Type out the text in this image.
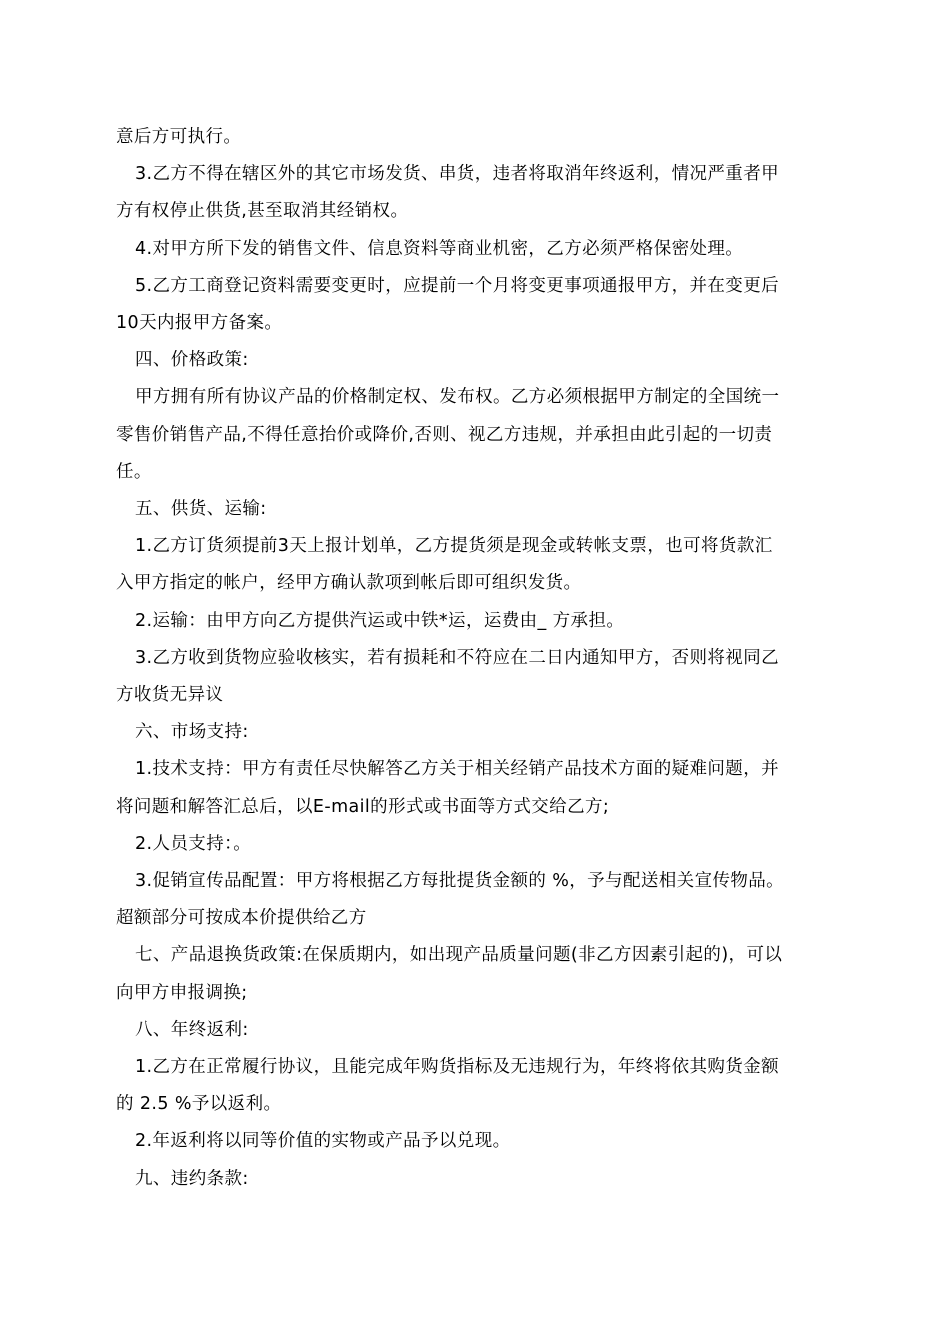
意后方可执行。

3.乙方不得在辖区外的其它市场发货、串货，违者将取消年终返利，情况严重者甲
方有权停止供货,甚至取消其经销权。

4.对甲方所下发的销售文件、信息资料等商业机密，乙方必须严格保密处理。

5.乙方工商登记资料需要变更时，应提前一个月将变更事项通报甲方，并在变更后
10天内报甲方备案。

四、价格政策:

甲方拥有所有协议产品的价格制定权、发布权。乙方必须根据甲方制定的全国统一
零售价销售产品,不得任意抬价或降价,否则、视乙方违规，并承担由此引起的一切责
任。

五、供货、运输:

1.乙方订货须提前3天上报计划单，乙方提货须是现金或转帐支票，也可将货款汇
入甲方指定的帐户，经甲方确认款项到帐后即可组织发货。

2.运输：由甲方向乙方提供汽运或中铁*运，运费由_ 方承担。

3.乙方收到货物应验收核实，若有损耗和不符应在二日内通知甲方，否则将视同乙
方收货无异议

六、市场支持:

1.技术支持：甲方有责任尽快解答乙方关于相关经销产品技术方面的疑难问题，并
将问题和解答汇总后，以E-mail的形式或书面等方式交给乙方;

2.人员支持：。

3.促销宣传品配置：甲方将根据乙方每批提货金额的 %，予与配送相关宣传物品。
超额部分可按成本价提供给乙方

七、产品退换货政策:在保质期内，如出现产品质量问题(非乙方因素引起的)，可以
向甲方申报调换;

八、年终返利:

1.乙方在正常履行协议，且能完成年购货指标及无违规行为，年终将依其购货金额
的 2.5 %予以返利。

2.年返利将以同等价值的实物或产品予以兑现。

九、违约条款:
